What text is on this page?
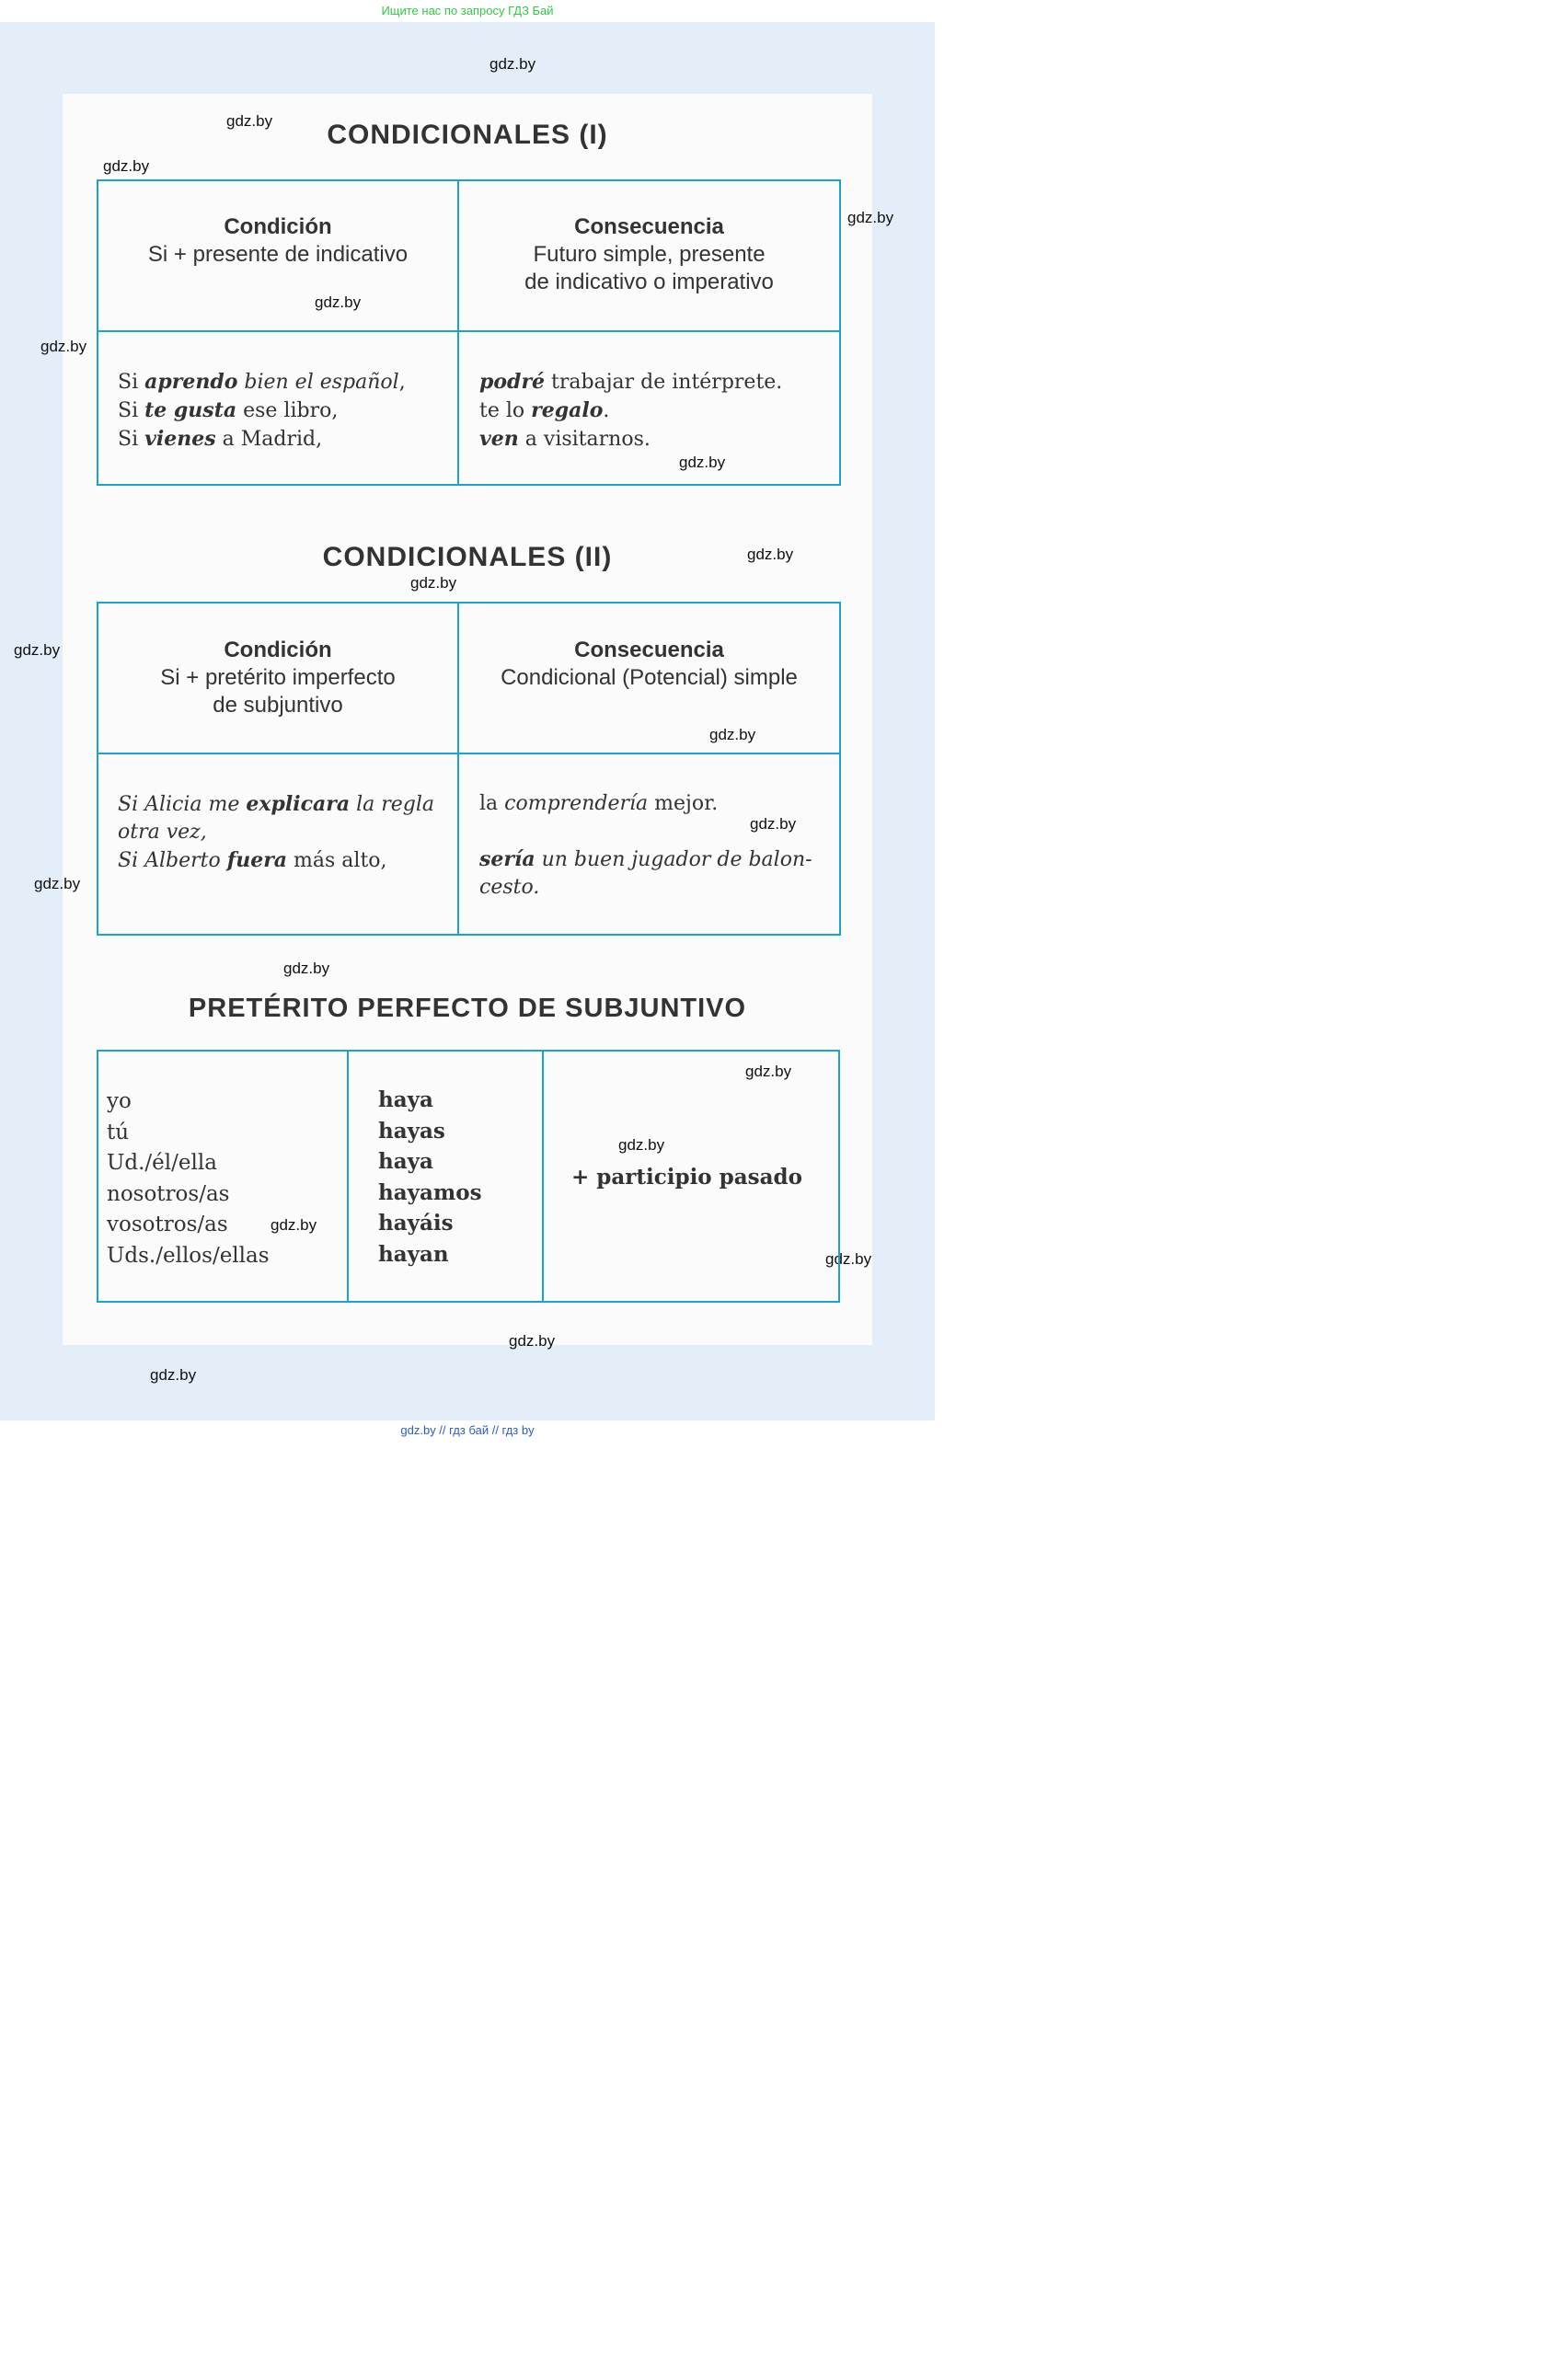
Ищите нас по запросу ГДЗ Бай
gdz.by
gdz.by
gdz.by
gdz.by
gdz.by
gdz.by
gdz.by
gdz.by
gdz.by
gdz.by
gdz.by
gdz.by
gdz.by
gdz.by
gdz.by
gdz.by
gdz.by
gdz.by
gdz.by
gdz.by
CONDICIONALES (I)
Condición
Si + presente de indicativo
Consecuencia
Futuro simple, presente
de indicativo o imperativo
Si aprendo bien el español,
Si te gusta ese libro,
Si vienes a Madrid,
podré trabajar de intérprete.
te lo regalo.
ven a visitarnos.
CONDICIONALES (II)
Condición
Si + pretérito imperfecto
de subjuntivo
Consecuencia
Condicional (Potencial) simple
Si Alicia me explicara la regla
otra vez,
Si Alberto fuera más alto,
la comprendería mejor.
sería un buen jugador de balon-
cesto.
PRETÉRITO PERFECTO DE SUBJUNTIVO
yo
tú
Ud./él/ella
nosotros/as
vosotros/as
Uds./ellos/ellas
haya
hayas
haya
hayamos
hayáis
hayan
+ participio pasado
gdz.by // гдз бай // гдз by
